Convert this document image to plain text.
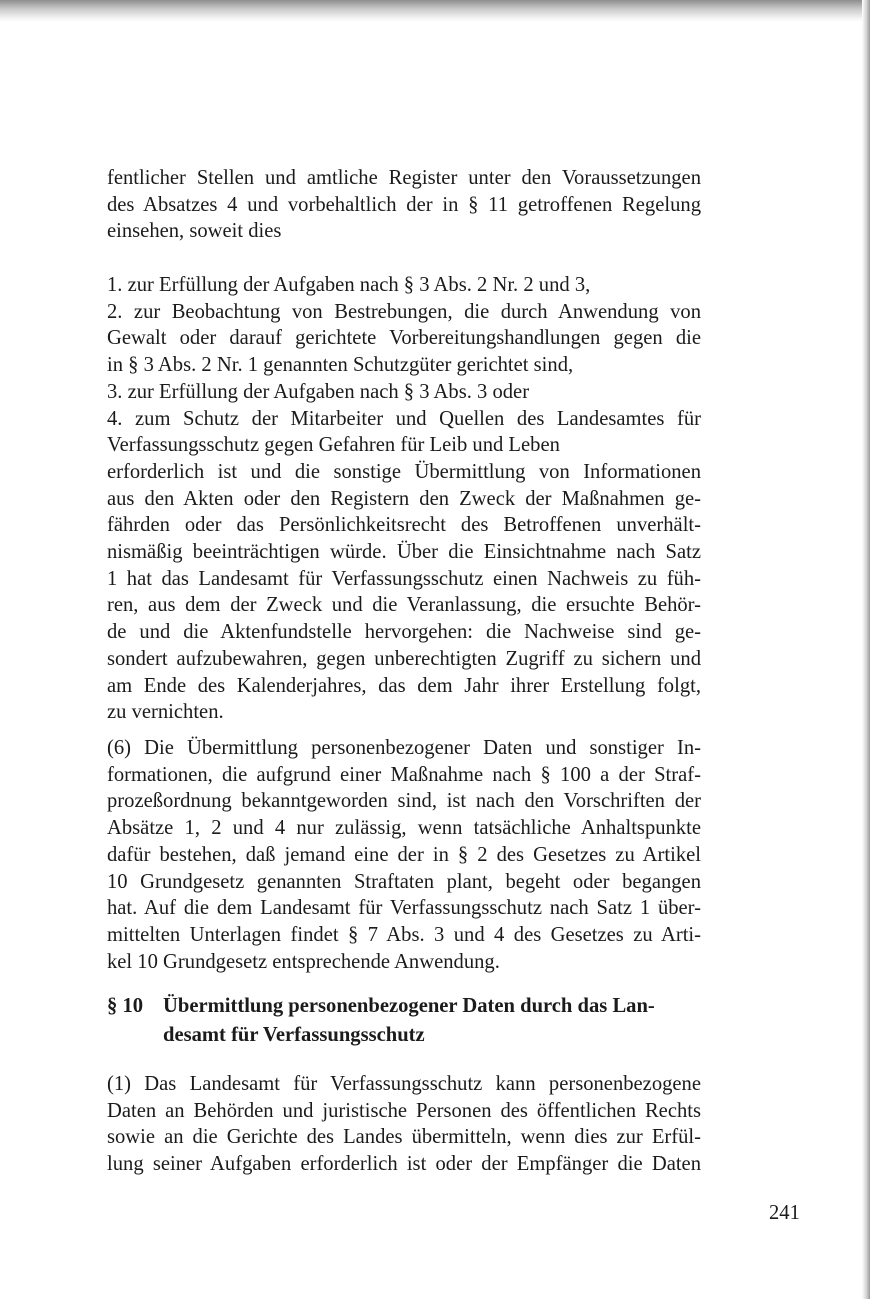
fentlicher Stellen und amtliche Register unter den Voraussetzungen
des Absatzes 4 und vorbehaltlich der in § 11 getroffenen Regelung
einsehen, soweit dies
1. zur Erfüllung der Aufgaben nach § 3 Abs. 2 Nr. 2 und 3,
2. zur Beobachtung von Bestrebungen, die durch Anwendung von
Gewalt oder darauf gerichtete Vorbereitungshandlungen gegen die
in § 3 Abs. 2 Nr. 1 genannten Schutzgüter gerichtet sind,
3. zur Erfüllung der Aufgaben nach § 3 Abs. 3 oder
4. zum Schutz der Mitarbeiter und Quellen des Landesamtes für
Verfassungsschutz gegen Gefahren für Leib und Leben
erforderlich ist und die sonstige Übermittlung von Informationen
aus den Akten oder den Registern den Zweck der Maßnahmen ge-
fährden oder das Persönlichkeitsrecht des Betroffenen unverhält-
nismäßig beeinträchtigen würde. Über die Einsichtnahme nach Satz
1 hat das Landesamt für Verfassungsschutz einen Nachweis zu füh-
ren, aus dem der Zweck und die Veranlassung, die ersuchte Behör-
de und die Aktenfundstelle hervorgehen: die Nachweise sind ge-
sondert aufzubewahren, gegen unberechtigten Zugriff zu sichern und
am Ende des Kalenderjahres, das dem Jahr ihrer Erstellung folgt,
zu vernichten.
(6) Die Übermittlung personenbezogener Daten und sonstiger In-
formationen, die aufgrund einer Maßnahme nach § 100 a der Straf-
prozeßordnung bekanntgeworden sind, ist nach den Vorschriften der
Absätze 1, 2 und 4 nur zulässig, wenn tatsächliche Anhaltspunkte
dafür bestehen, daß jemand eine der in § 2 des Gesetzes zu Artikel
10 Grundgesetz genannten Straftaten plant, begeht oder begangen
hat. Auf die dem Landesamt für Verfassungsschutz nach Satz 1 über-
mittelten Unterlagen findet § 7 Abs. 3 und 4 des Gesetzes zu Arti-
kel 10 Grundgesetz entsprechende Anwendung.
§ 10 Übermittlung personenbezogener Daten durch das Lan-
desamt für Verfassungsschutz
(1) Das Landesamt für Verfassungsschutz kann personenbezogene
Daten an Behörden und juristische Personen des öffentlichen Rechts
sowie an die Gerichte des Landes übermitteln, wenn dies zur Erfül-
lung seiner Aufgaben erforderlich ist oder der Empfänger die Daten
241
